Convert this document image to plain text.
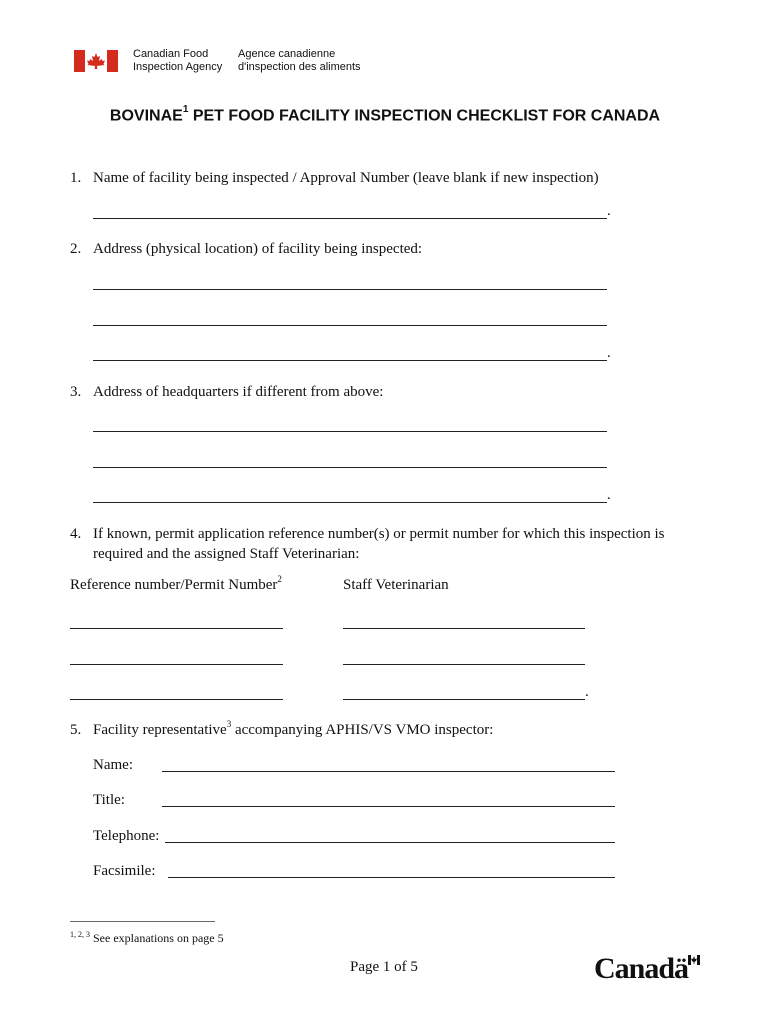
Canadian Food
Inspection Agency
Agence canadienne
d'inspection des aliments
BOVINAE$^1$ PET FOOD FACILITY INSPECTION CHECKLIST FOR CANADA
1. Name of facility being inspected / Approval Number (leave blank if new inspection)
.
2. Address (physical location) of facility being inspected:
.
3. Address of headquarters if different from above:
.
4. If known, permit application reference number(s) or permit number for which this inspection is
required and the assigned Staff Veterinarian:
Reference number/Permit Number$^2$	Staff Veterinarian
.
5. Facility representative$^3$ accompanying APHIS/VS VMO inspector:
Name:
Title:
Telephone:
Facsimile:
$^{1, 2, 3}$ See explanations on page 5
Page 1 of 5	Canadä
